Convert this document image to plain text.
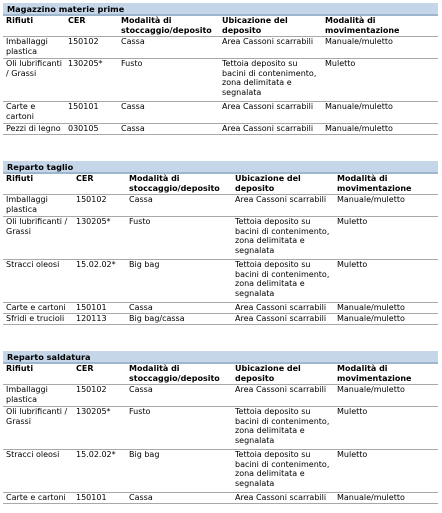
Magazzino materie prime
Rifiuti	CER	Modalità di stoccaggio/deposito	Ubicazione del deposito	Modalità di movimentazione
Imballaggi plastica	150102	Cassa	Area Cassoni scarrabili	Manuale/muletto
Oli lubrificanti / Grassi	130205*	Fusto	Tettoia deposito su bacini di contenimento, zona delimitata e segnalata	Muletto
Carte e cartoni	150101	Cassa	Area Cassoni scarrabili	Manuale/muletto
Pezzi di legno	030105	Cassa	Area Cassoni scarrabili	Manuale/muletto
Reparto taglio
Rifiuti	CER	Modalità di stoccaggio/deposito	Ubicazione del deposito	Modalità di movimentazione
Imballaggi plastica	150102	Cassa	Area Cassoni scarrabili	Manuale/muletto
Oli lubrificanti / Grassi	130205*	Fusto	Tettoia deposito su bacini di contenimento, zona delimitata e segnalata	Muletto
Stracci oleosi	15.02.02*	Big bag	Tettoia deposito su bacini di contenimento, zona delimitata e segnalata	Muletto
Carte e cartoni	150101	Cassa	Area Cassoni scarrabili	Manuale/muletto
Sfridi e trucioli	120113	Big bag/cassa	Area Cassoni scarrabili	Manuale/muletto
Reparto saldatura
Rifiuti	CER	Modalità di stoccaggio/deposito	Ubicazione del deposito	Modalità di movimentazione
Imballaggi plastica	150102	Cassa	Area Cassoni scarrabili	Manuale/muletto
Oli lubrificanti / Grassi	130205*	Fusto	Tettoia deposito su bacini di contenimento, zona delimitata e segnalata	Muletto
Stracci oleosi	15.02.02*	Big bag	Tettoia deposito su bacini di contenimento, zona delimitata e segnalata	Muletto
Carte e cartoni	150101	Cassa	Area Cassoni scarrabili	Manuale/muletto
